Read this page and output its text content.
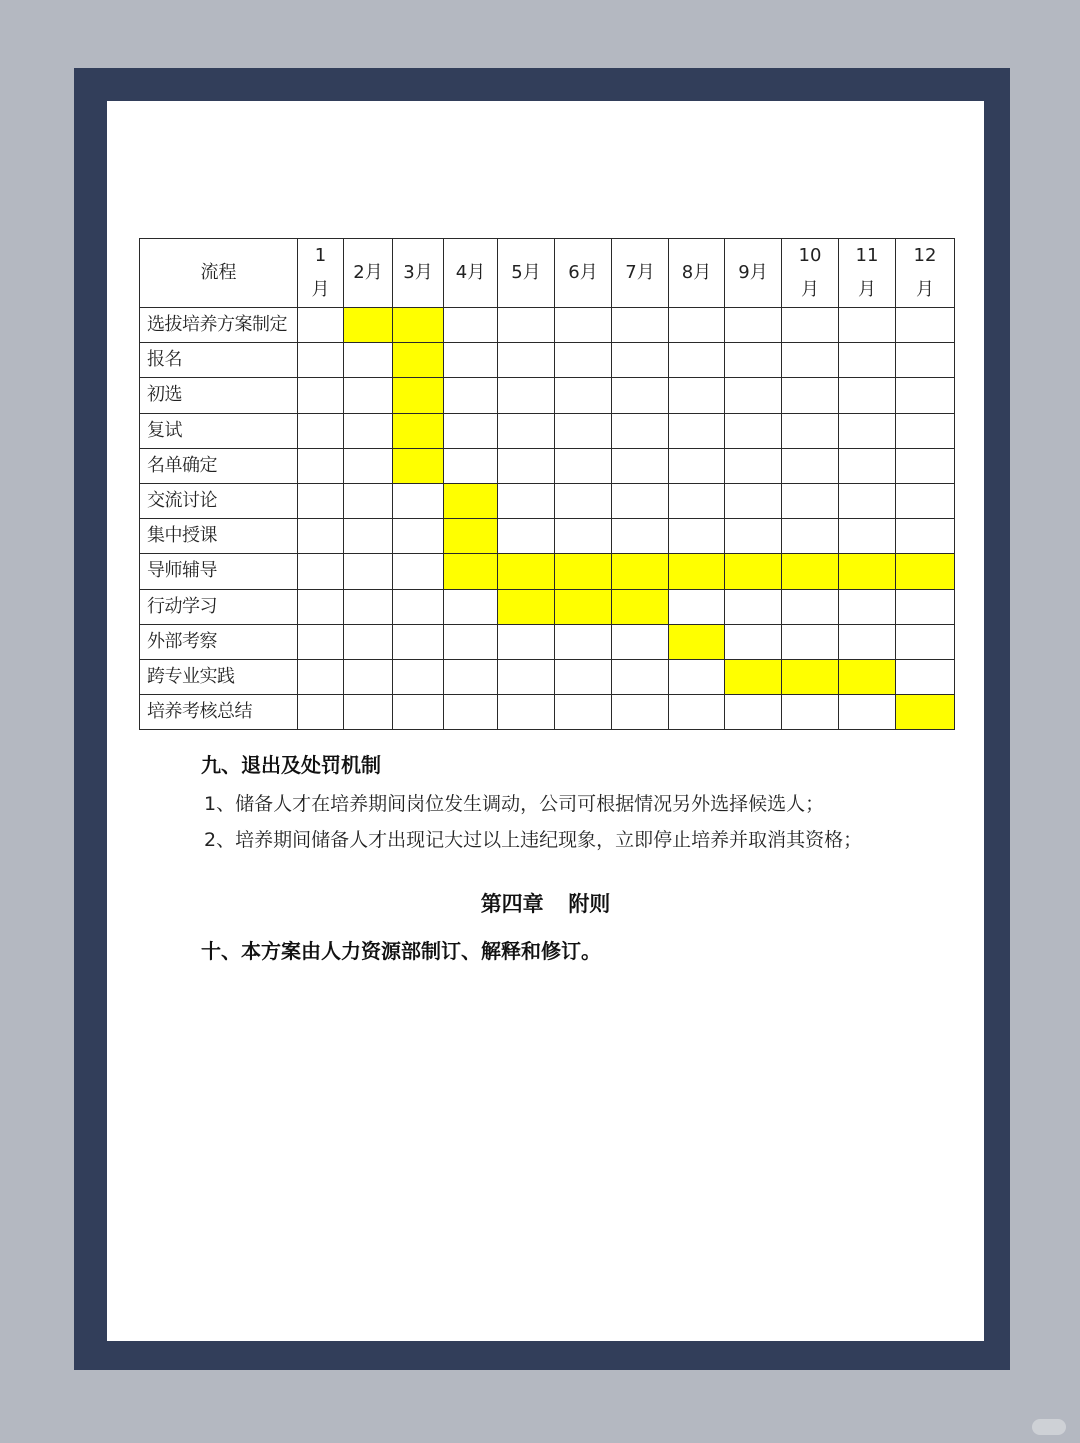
流程	1月	2月	3月	4月	5月	6月	7月	8月	9月	10月	11月	12月
选拔培养方案制定												
报名												
初选												
复试												
名单确定												
交流讨论												
集中授课												
导师辅导												
行动学习												
外部考察												
跨专业实践												
培养考核总结												
九、退出及处罚机制
1、储备人才在培养期间岗位发生调动，公司可根据情况另外选择候选人；
2、培养期间储备人才出现记大过以上违纪现象，立即停止培养并取消其资格；
第四章 附则
十、本方案由人力资源部制订、解释和修订。
